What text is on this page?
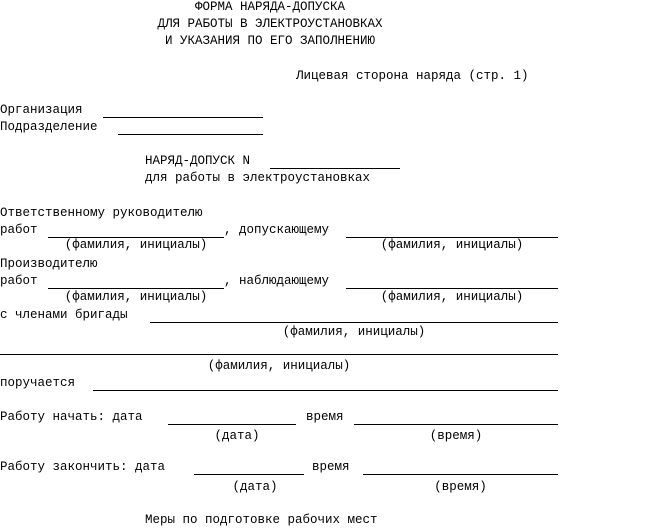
ФОРМА НАРЯДА-ДОПУСКА
ДЛЯ РАБОТЫ В ЭЛЕКТРОУСТАНОВКАХ
И УКАЗАНИЯ ПО ЕГО ЗАПОЛНЕНИЮ
Лицевая сторона наряда (стр. 1)
Организация
Подразделение
НАРЯД-ДОПУСК N
для работы в электроустановках
Ответственному руководителю
работ	, допускающему
(фамилия, инициалы)	(фамилия, инициалы)
Производителю
работ	, наблюдающему
(фамилия, инициалы)	(фамилия, инициалы)
с членами бригады
(фамилия, инициалы)
(фамилия, инициалы)
поручается
Работу начать: дата	время
(дата)	(время)
Работу закончить: дата	время
(дата)	(время)
Меры по подготовке рабочих мест
